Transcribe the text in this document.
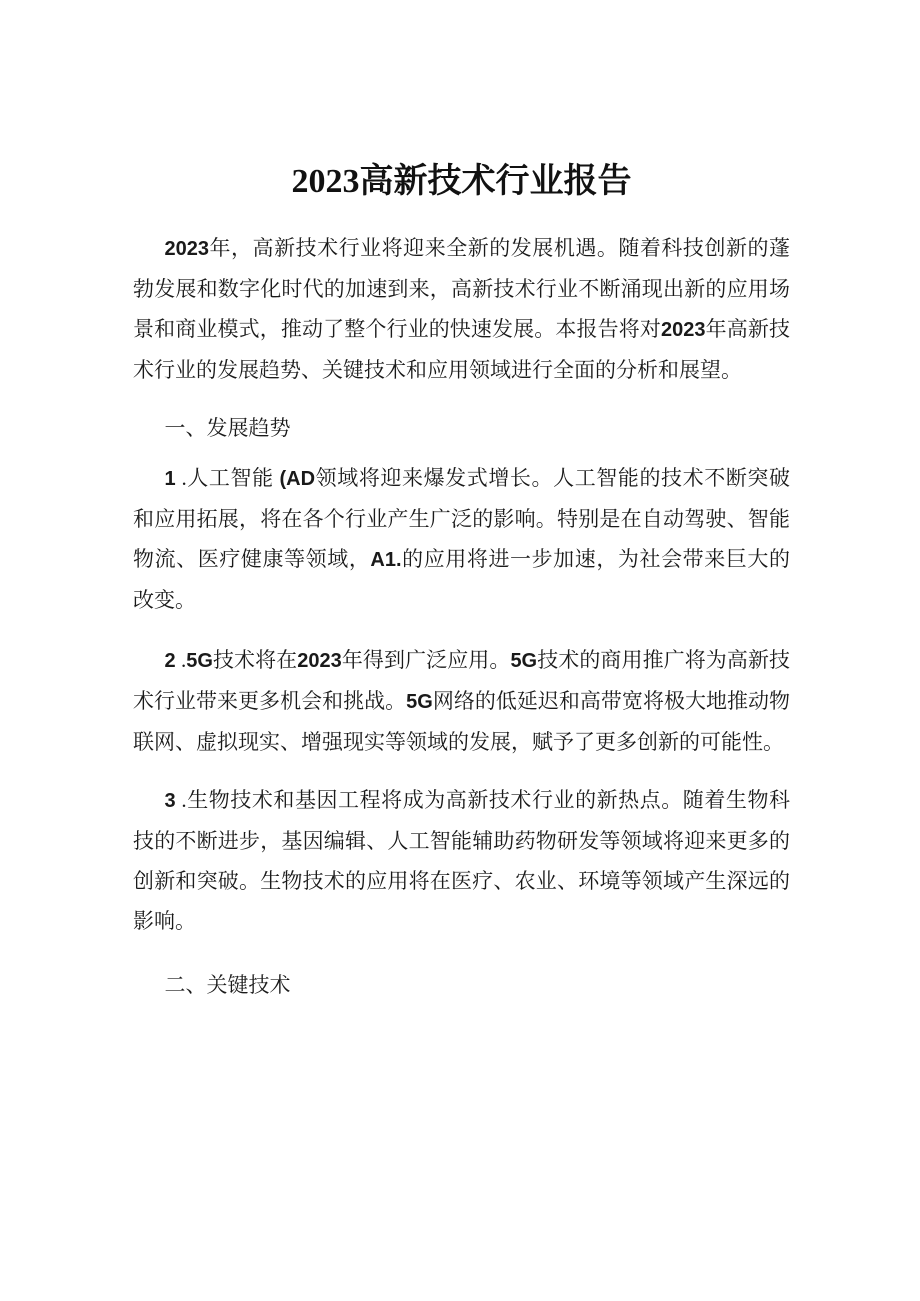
2023高新技术行业报告

2023年，高新技术行业将迎来全新的发展机遇。随着科技创新的蓬勃发展和数字化时代的加速到来，高新技术行业不断涌现出新的应用场景和商业模式，推动了整个行业的快速发展。本报告将对2023年高新技术行业的发展趋势、关键技术和应用领域进行全面的分析和展望。

一、发展趋势

1 .人工智能 (AD领域将迎来爆发式增长。人工智能的技术不断突破和应用拓展，将在各个行业产生广泛的影响。特别是在自动驾驶、智能物流、医疗健康等领域，A1.的应用将进一步加速，为社会带来巨大的改变。

2 .5G技术将在2023年得到广泛应用。5G技术的商用推广将为高新技术行业带来更多机会和挑战。5G网络的低延迟和高带宽将极大地推动物联网、虚拟现实、增强现实等领域的发展，赋予了更多创新的可能性。

3 .生物技术和基因工程将成为高新技术行业的新热点。随着生物科技的不断进步，基因编辑、人工智能辅助药物研发等领域将迎来更多的创新和突破。生物技术的应用将在医疗、农业、环境等领域产生深远的影响。

二、关键技术
